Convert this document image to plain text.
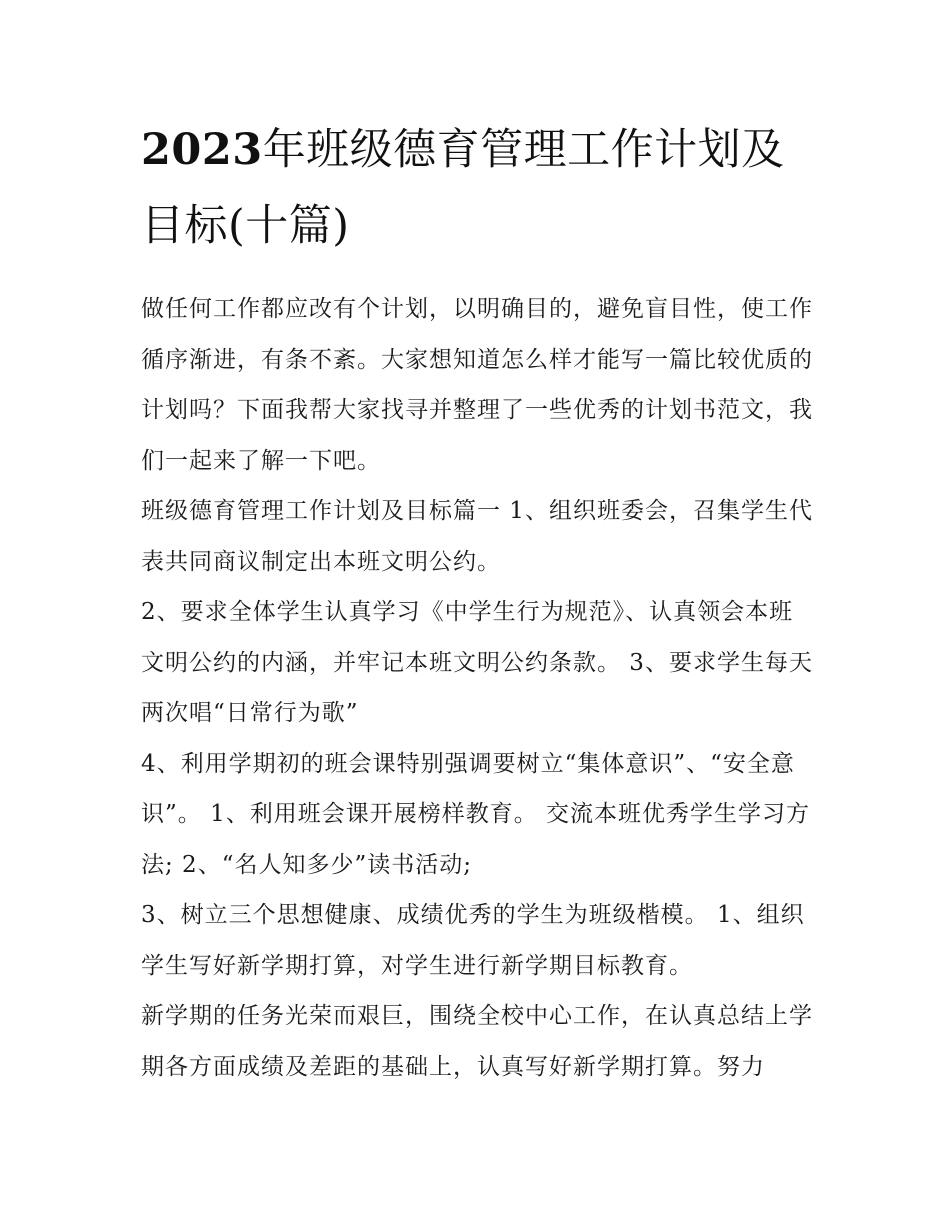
2023年班级德育管理工作计划及目标(十篇)

做任何工作都应改有个计划，以明确目的，避免盲目性，使工作循序渐进，有条不紊。大家想知道怎么样才能写一篇比较优质的计划吗？下面我帮大家找寻并整理了一些优秀的计划书范文，我们一起来了解一下吧。

班级德育管理工作计划及目标篇一 1、组织班委会，召集学生代表共同商议制定出本班文明公约。

2、要求全体学生认真学习《中学生行为规范》、认真领会本班文明公约的内涵，并牢记本班文明公约条款。 3、要求学生每天两次唱“日常行为歌”

4、利用学期初的班会课特别强调要树立“集体意识”、“安全意识”。 1、利用班会课开展榜样教育。 交流本班优秀学生学习方法; 2、“名人知多少”读书活动;

3、树立三个思想健康、成绩优秀的学生为班级楷模。 1、组织学生写好新学期打算，对学生进行新学期目标教育。

新学期的任务光荣而艰巨，围绕全校中心工作，在认真总结上学期各方面成绩及差距的基础上，认真写好新学期打算。努力
